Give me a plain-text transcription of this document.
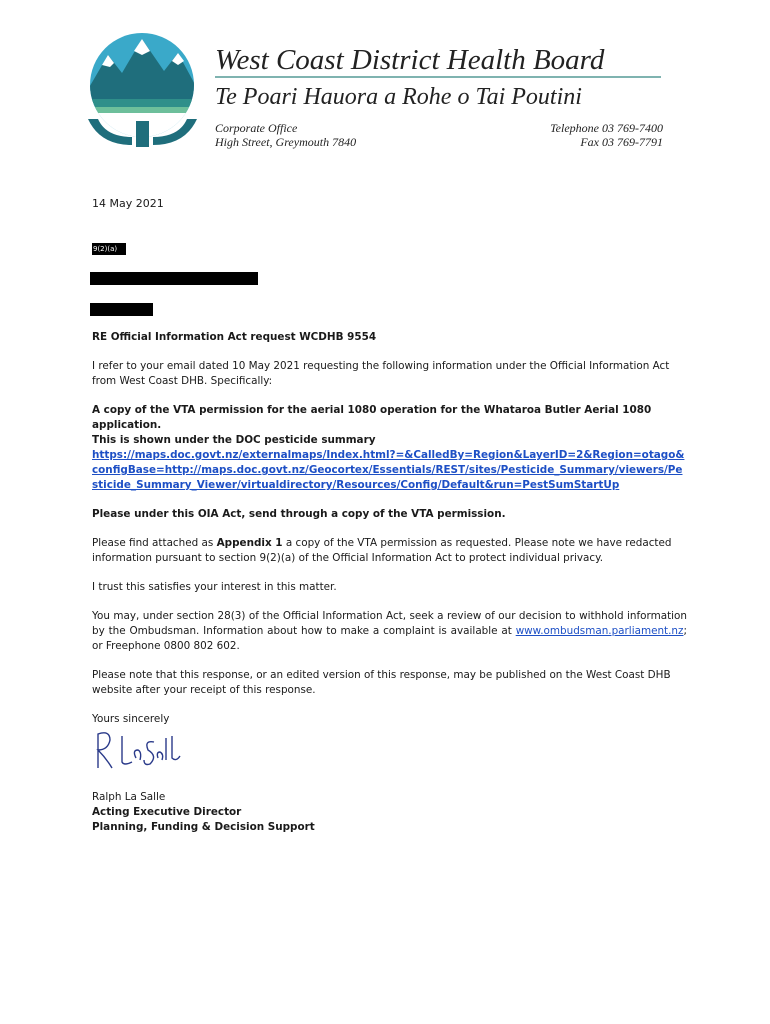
West Coast District Health Board
Te Poari Hauora a Rohe o Tai Poutini
Corporate Office
High Street, Greymouth 7840
Telephone 03 769-7400
Fax 03 769-7791
14 May 2021
9(2)(a)

RE Official Information Act request WCDHB 9554

I refer to your email dated 10 May 2021 requesting the following information under the Official Information Act from West Coast DHB. Specifically:

A copy of the VTA permission for the aerial 1080 operation for the Whataroa Butler Aerial 1080 application.
This is shown under the DOC pesticide summary
https://maps.doc.govt.nz/externalmaps/Index.html?=&CalledBy=Region&LayerID=2&Region=otago&configBase=http://maps.doc.govt.nz/Geocortex/Essentials/REST/sites/Pesticide_Summary/viewers/Pesticide_Summary_Viewer/virtualdirectory/Resources/Config/Default&run=PestSumStartUp

Please under this OIA Act, send through a copy of the VTA permission.

Please find attached as Appendix 1 a copy of the VTA permission as requested. Please note we have redacted information pursuant to section 9(2)(a) of the Official Information Act to protect individual privacy.

I trust this satisfies your interest in this matter.

You may, under section 28(3) of the Official Information Act, seek a review of our decision to withhold information by the Ombudsman. Information about how to make a complaint is available at www.ombudsman.parliament.nz; or Freephone 0800 802 602.

Please note that this response, or an edited version of this response, may be published on the West Coast DHB website after your receipt of this response.

Yours sincerely

Ralph La Salle
Acting Executive Director
Planning, Funding & Decision Support
